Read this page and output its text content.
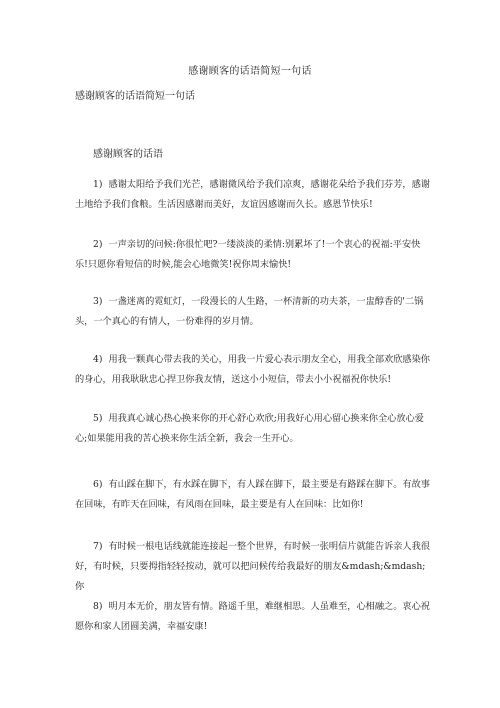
感谢顾客的话语简短一句话
感谢顾客的话语简短一句话
感谢顾客的话语
1) 感谢太阳给予我们光芒，感谢微风给予我们凉爽，感谢花朵给予我们芬芳，感谢土地给予我们食粮。生活因感谢而美好，友谊因感谢而久长。感恩节快乐!
2) 一声亲切的问候:你很忙吧?一缕淡淡的柔情:别累坏了!一个衷心的祝福:平安快乐!只愿你看短信的时候,能会心地微笑!祝你周末愉快!
3) 一盏迷离的霓虹灯，一段漫长的人生路，一杯清新的功夫茶，一盅醇香的'二锅头，一个真心的有情人，一份难得的岁月情。
4) 用我一颗真心带去我的关心，用我一片爱心表示朋友全心，用我全部欢欣感染你的身心，用我耿耿忠心捍卫你我友情，送这小小短信，带去小小祝福祝你快乐!
5) 用我真心诚心热心换来你的开心舒心欢欣;用我好心用心留心换来你全心放心爱心;如果能用我的苦心换来你生活全新，我会一生开心。
6) 有山踩在脚下，有水踩在脚下，有人踩在脚下，最主要是有路踩在脚下。有故事在回味，有昨天在回味，有风雨在回味，最主要是有人在回味：比如你!
7) 有时候一根电话线就能连接起一整个世界，有时候一张明信片就能告诉亲人我很好，有时候，只要拇指轻轻按动，就可以把问候传给我最好的朋友&mdash;&mdash;你
8) 明月本无价，朋友皆有情。路遥千里，难继相思。人虽难至，心相融之。衷心祝愿你和家人团圆美满，幸福安康!
